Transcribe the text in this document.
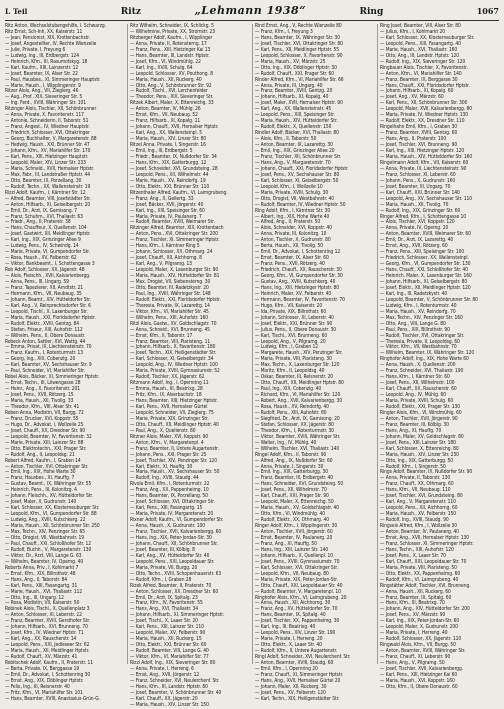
I. Teil	Ritz	„Lehmann 1938“	Ring	1067
Ritz Anton, Wechselstubengehilfe, I. Schwarzg.
Ritz Ernst, Sch-Inh, XX, Kaiserstr. 11
— Jean, Pensionist, XIX, Krottenbachstr.
— Josef, Angestellter, IV, Rechte Wienzeile
— Julie, Private, I, Freyung 6
— Ludwig, Ing., III, Erdbergstr. 124
— Heinrich, Kfm., III, Rasumofskyg. 18
— Karl, Kaufm., XIII, Lainzerstr. 12
— Josef, Beamter, IX, Alser Str. 22
— Paul, Hausbes., XI, Simmeringer Hauptstr.
— Marie, Haush., I, Wipplingerstr. 9
Ritzer Alois, Ang., VII, Zieglerg. 46
— Aug., Prof., XIX, Sieveringer Str. 5
— Ing. Ferd., XVIII, Währinger Str. 101
Ritzinger Alois, Tischler, XII, Schönbrunner
— Anna, Private, X, Favoritenstr. 117
— Antonie, Schneiderin, II, Taborstr. 51
— Franz, Angest., IV, Wiedner Hauptstr.
— Friedrich, Schlosser, XVI, Ottakringer
— Georg, Buchhalter, V, Margaretenstr. 88
— Hedwig, Haush., XXI, Brünner Str. 47
— Johann, Kfm., XV, Mariahilfer Str. 170
— Karl, Pens., XIII, Hietzinger Hauptstr.
— Leopold, Maler, XIV, Linzer Str. 233
— Maria, Schneid., XVII, Hernalser Hptstr.
— Max, Fabr., III, Landstraßer Hptstr. 44
— Otto, Beamter, IX, Porzellang. 30
— Rudolf, Techn., XX, Wallensteinstr. 19
Rizzi Adolf, Kaufm., I, Kärntner Str. 12
— Alfred, Beamter, VIII, Josefstädter Str.
— Anton, Hilfsarb., XI, Geiselbergstr. 20
— Emil, Dr., Arzt, IX, Garnisong. 7
— Franz, Schuhm., XVI, Thaliastr. 63
— Friedr., Ang., II, Praterstr. 38
— Hans, Chauffeur, X, Quellenstr. 104
— Josef, Gastwirt, XII, Meidlinger Hptstr.
— Karl, Ing., XIX, Grinzinger Allee 9
— Ludwig, Pens., IV, Schwindg. 14
— Marie, Private, VI, Gumpendorfer Str.
— Rosa, Haush., XV, Felberstr. 62
— Viktor, Bankbeamt., I, Schottengasse 3
Rob Adolf, Schlosser, XX, Jägerstr. 48
— Alois, Fleischh., XVII, Kalvarienbergg.
— Anna, Pens., III, Ungarg. 59
— Franz, Tapezierer, XII, Arndtstr. 21
— Hermann, Kfm., VII, Neubaug. 35
— Johann, Beamt., XIV, Hütteldorfer Str.
— Karl, Ang., V, Reinprechtsdorfer Str. 6
— Leopold, Tischl., X, Laxenburger Str.
— Maria, Haush., XXI, Floridsdorfer Hptstr.
— Rudolf, Elektr., XVIII, Gentzg. 84
— Stefan, Friseur, XIII, Auhofstr. 112
— Wilhelm, Pens., II, Obere Donaustr.
Robeck Anton, Sattler, XVI, Wattg. 44
— Emma, Privat, IX, Liechtensteinstr. 70
— Franz, Kaufm., I, Rotenturmstr. 13
— Georg, Ing., XIX, Cobenzlg. 20
— Karl, Beamter, XV, Sechshauser Str. 9
— Paul, Schneider, VI, Mariahilfer Str.
Robel Alois, Bäcker, XI, Simmeringer Hptstr.
— Ernst, Techn., III, Löwengasse 28
— Heinr., Ang., X, Favoritenstr. 201
— Josef, Pens., XVII, Rötzerg. 15
— Maria, Haush., XII, Tivolig. 33
— Theodor, Kfm., VIII, Alser Str. 41
Roben Anna, Modistin, VII, Burgg. 72
— Franz, Drucker, XVI, Koppstr. 55
— Hugo, Dr., Advokat, I, Wollzeile 25
— Josef, Chauff., XX, Dresdner Str. 90
— Leopold, Beamter, IV, Favoritenstr. 32
— Marie, Private, XIII, Lainzer Str. 88
— Otto, Elektrotechn., XXI, Prager Str.
— Rudolf, Ang., II, Leopoldsg. 21
Robert Alfred, Kaufm., I, Graben 14
— Anton, Tischler, XVI, Ottakringer Str.
— Emil, Ing., XIX, Hohe Warte 30
— Franz, Hausbes., XI, Hauffg. 7
— Gustav, Beamt., IX, Währinger Str. 55
— Heinrich, Pens., III, Kolonitzg. 4
— Johann, Fleischh., XV, Hütteldorfer Str.
— Josef, Maler, X, Gudrunstr. 140
— Karl, Schlosser, XX, Klosterneuburger Str.
— Leopold, Kfm., VI, Gumpendorfer Str. 88
— Ludwig, Ang., XVIII, Kutschkerg. 22
— Maria, Haush., XII, Schönbrunner Str. 250
— Max, Techn., XIV, Penzinger Str. 65
— Otto, Drogist, VII, Westbahnstr. 19
— Paul, Chauff., XXI, Schloßhofer Str. 12
— Rudolf, Buchh., V, Margaretenstr. 130
— Viktor, Dr., Arzt, VIII, Lange G. 63
— Wilhelm, Beamter, IV, Operng. 40
Roberts Anna, Priv., I, Kohlmarkt 7
— Ernst, Kfm., XIX, Billrothstr. 48
— Hans, Ang., II, Taborstr. 84
— Karl, Pens., XIII, Fasangartg. 31
— Marie, Haush., XVI, Thaliastr. 112
— Otto, Ing., III, Ungarg. 12
— Rosa, Modistin, VII, Kaiserstr. 50
Robinek Alois, Tischl., X, Quellenplatz 3
— Anton, Schlosser, XI, Leberstr. 22
— Franz, Beamter, XVIII, Gersthofer Str.
— Johann, Hilfsarb., XVI, Brunneng. 70
— Josef, Kfm., IV, Wiedner Hptstr. 71
— Karl, Ang., XX, Rauscherstr. 14
— Leopold, Pens., XXI, Jedleseer Str. 62
— Maria, Haush., XII, Meidlinger Hptstr.
— Rudolf, Chauff., XV, Märzstr. 41
Robitschek Adolf, Kaufm., II, Praterstr. 11
— Berta, Private, IX, Berggasse 19
— Emil, Dr., Advokat, I, Schottenring 30
— Ernst, Ang., XIX, Döblinger Hptstr.
— Felix, Ing., III, Reisnerstr. 40
— Fritz, Kfm., VI, Mariahilfer Str. 101
— Hans, Beamter, XVIII, Anastasius-Grün-G.
Ritz Wilhelm, Schneider, IX, Schlickg. 5
— Wilhelmine, Private, XX, Stromstr. 23
Ritzberger Adolf, Kaufm., I, Wipplinger
— Anna, Private, II, Rotensterng. 17
— Franz, Pens., XIII, Hietzinger Kai 13
— Hans, Beamter, III, Landstr. Hptstr.
— Josef, Kfm., VI, Windmühlg. 22
— Karl, Ing., XVIII, Schulg. 64
— Leopold, Schlosser, XV, Pouthong. 8
— Maria, Haush., XII, Ruckerg. 40
— Otto, Ang., V, Schönbrunner Str. 92
— Rudolf, Tischl., XVI, Lerchenfelder
— Theodor, Pens., XIX, Sieveringer Str.
Ritzek Albert, Maler, X, Ettenreichg. 33
— Anton, Beamter, IV, Mühlg. 26
— Ernst, Kfm., VII, Neubaug. 52
— Franz, Hilfsarb., XI, Kopalg. 11
— Johann, Chauff., XVII, Hernalser Hptstr.
— Karl, Ang., XX, Wallensteinpl. 5
— Maria, Haush., XIV, Linzer Str. 80
Ritzel Anna, Private, I, Singerstr. 16
— Emil, Ing., III, Erdbergstr. 5
— Friedr., Beamter, IX, Nußdorfer Str. 34
— Hans, Kfm., XIX, Gatterburgg. 12
— Josef, Schneider, XVI, Grundsteing. 28
— Leopold, Pens., XII, Wilhelmstr. 44
— Marie, Haush., XV, Reindorfg. 19
— Otto, Elektr., XXI, Brünner Str. 110
Ritzenthaler Alfred, Kaufm., VI, Laimgrubeng.
— Franz, Ang., X, Gellertg. 33
— Josef, Bäcker, XVII, Jörgerstr. 40
— Karl, Ing., XIII, Speisinger Str. 60
— Maria, Private, IV, Paulanerg. 7
— Rudolf, Beamter, XVIII, Weimarer Str.
Ritzinger Alfred, Beamter, XIX, Krottenbach
— Anton, Pens., XVI, Ottakringer Str. 200
— Franz, Tischler, XI, Simmeringer Hptstr.
— Hans, Kfm., I, Kärntner Ring 5
— Johann, Schlosser, XX, Othmarg. 24
— Josef, Chauff., XII, Aichhorng. 8
— Karl, Ang., V, Pilgramg. 13
— Leopold, Maler, X, Laxenburger Str. 90
— Maria, Haush., XIV, Hütteldorfer Str. 81
— Max, Drogist, VII, Siebensterng. 30
— Otto, Beamter, III, Radetzkystr. 20
— Paul, Ing., XVIII, Währinger Str. 148
— Rudolf, Elektr., XXI, Floridsdorfer Hptstr.
— Theresia, Private, IX, Lazarettg. 14
— Viktor, Kfm., VI, Mariahilfer Str. 45
— Wilhelm, Pens., XIII, Auhofstr. 160
Ritzl Alois, Gastw., XV, Goldschlagstr. 70
— Anna, Schneid., XVI, Brunneng. 45
— Ernst, Kfm., II, Taborstr. 17
— Franz, Beamter, VIII, Piaristeng. 11
— Johann, Hilfsarb., X, Favoritenstr. 180
— Josef, Techn., XIX, Heiligenstädter Str.
— Karl, Schlosser, XI, Geiselbergstr. 34
— Leopold, Ang., IV, Wiedner Hptstr. 100
— Maria, Private, XVIII, Gymnasiumstr. 52
— Rudolf, Tischler, XX, Jägerstr. 62
Ritzmann Adolf, Ing., I, Opernring 11
— Emma, Haush., III, Beatrixg. 28
— Fritz, Kfm., IX, Alserbachstr. 18
— Hans, Beamter, XIII, Hietzinger Hptstr.
— Karl, Pens., XVII, Hernalser Gürtel
— Leopold, Schneider, VII, Zieglerg. 75
— Marie, Private, XIX, Grinzinger Str.
— Otto, Chauff., XII, Meidlinger Hptstr. 40
— Paul, Ang., X, Quellenstr. 80
Ritzner Alois, Maler, XVI, Koppstr. 90
— Anton, Kfm., V, Margaretenpl. 4
— Franz, Beamter, II, Untere Augartenstr.
— Johann, Pens., XXI, Prager Str. 25
— Josef, Tischler, XIV, Penzinger Str. 120
— Karl, Elektr., XI, Hauffg. 30
— Maria, Haush., XV, Sechshauser Str. 50
— Rudolf, Ing., XVIII, Staudg. 44
Rivola Emil, Kfm., I, Rotenturmstr. 22
— Franz, Ang., XX, Pappenheimg. 10
— Hans, Beamter, IX, Porzellang. 50
— Josef, Schlosser, XVI, Ottakringer Str.
— Karl, Pens., XIII, Fasangartg. 15
— Maria, Private, IV, Margaretenstr. 20
Rixner Adolf, Kaufm., VI, Gumpendorfer Str.
— Anna, Haush., X, Gudrunstr. 100
— Franz, Tischler, XVII, Kalvarienbergg. 60
— Hans, Ing., XIX, Peter-Jordan-Str. 30
— Johann, Chauff., XII, Schönbrunner Str.
— Josef, Beamter, III, Kölblg. 8
— Karl, Ang., XV, Hütteldorfer Str. 40
— Leopold, Pens., XXI, Leopoldauer Str.
— Maria, Private, VII, Burgg. 20
— Otto, Techn., XVIII, Schopenhauerstr. 63
— Rudolf, Kfm., I, Graben 28
Rizek Alfred, Beamter, II, Praterstr. 70
— Anton, Schlosser, XX, Dresdner Str. 60
— Emil, Dr., Arzt, IX, Spitalg. 23
— Franz, Kfm., IV, Favoritenstr. 55
— Hans, Ang., XVI, Thaliastr. 34
— Johann, Hilfsarb., XI, Simmeringer Hptstr.
— Josef, Tischl., X, Laaer Str. 20
— Karl, Pens., XIII, Lainzer Str. 110
— Leopold, Maler, XV, Felberstr. 90
— Maria, Haush., XII, Ruckerg. 15
— Otto, Elektr., XXI, Brünner Str. 60
— Rudolf, Beamter, VIII, Lange G. 40
— Viktor, Kfm., VI, Mariahilfer Str. 77
Rizzi Adolf, Ing., XIX, Sieveringer Str. 80
— Anna, Private, I, Herreng. 6
— Ernst, Ang., XVII, Jörgerstr. 12
— Franz, Schneider, XVI, Neulerchenf. Str.
— Hans, Kfm., III, Landstr. Hptstr. 80
— Josef, Beamter, V, Schönbrunner Str. 40
— Karl, Chauff., XX, Jägerstr. 20
— Maria, Haush., XIV, Linzer Str. 150
Rind Ernst, Ang., V, Rechte Wienzeile 80
— Franz, Kfm., I, Freyung 3
— Hans, Beamter, IX, Währinger Str. 30
— Josef, Tischler, XVI, Ottakringer Str. 80
— Karl, Pens., XII, Meidlinger Hptstr. 55
— Leopold, Schlosser, X, Favoritenstr. 90
— Maria, Haush., XV, Märzstr. 25
— Otto, Ing., XIX, Döblinger Hptstr. 30
— Rudolf, Chauff., XXI, Prager Str. 60
Rinder Alfred, Kfm., VI, Mariahilfer Str. 66
— Anna, Private, III, Ungarg. 40
— Franz, Beamter, XVIII, Gentzg. 20
— Johann, Hilfsarb., XI, Kopalg. 40
— Josef, Maler, XVII, Hernalser Hptstr. 90
— Karl, Ang., XX, Wallensteinstr. 45
— Leopold, Pens., XIII, Speisinger Str.
— Maria, Haush., XIV, Hütteldorfer Str.
— Rudolf, Elektr., X, Quellenstr. 150
Rindler Adolf, Bäcker, XVI, Thaliastr. 80
— Alois, Kfm., II, Taborstr. 50
— Anton, Beamter, IX, Lazarettg. 30
— Emil, Ing., XIX, Grinzinger Allee 20
— Franz, Tischler, XII, Schönbrunner Str.
— Hans, Ang., V, Margaretenstr. 70
— Johann, Chauff., XXI, Floridsdorfer Hptstr.
— Josef, Pens., XV, Sechshauser Str. 80
— Karl, Schlosser, XI, Geiselbergstr. 50
— Leopold, Kfm., I, Wollzeile 10
— Maria, Private, XVIII, Schulg. 30
— Otto, Drogist, VII, Westbahnstr. 40
— Rudolf, Beamter, IV, Wiedner Hptstr. 50
Ring Adolf, Kfm., I, Kärntner Str. 30
— Albert, Ing., XIX, Hohe Warte 40
— Alfred, Ang., II, Praterstr. 50
— Alois, Schneider, XVI, Koppstr. 40
— Anna, Private, III, Kolonitzg. 10
— Anton, Tischler, X, Gudrunstr. 80
— Berta, Haush., XII, Tivolig. 50
— Emil, Dr., Advokat, I, Schottenring 12
— Ernst, Beamter, IX, Alser Str. 60
— Franz, Pens., XVII, Rötzerg. 40
— Friedrich, Chauff., XX, Rauscherstr. 30
— Georg, Kfm., VI, Gumpendorfer Str. 30
— Gustav, Ang., XVIII, Kutschkerg. 40
— Hans, Ing., XIII, Hietzinger Hptstr. 80
— Heinrich, Maler, XV, Felberstr. 40
— Hermann, Beamter, IV, Favoritenstr. 70
— Hugo, Kfm., VII, Kaiserstr. 20
— Ida, Private, XIX, Billrothstr. 60
— Johann, Schlosser, XI, Leberstr. 40
— Josef, Elektr., XXI, Brünner Str. 90
— Julius, Pens., II, Obere Donaustr. 30
— Karl, Tischl., XVI, Brunneng. 60
— Leopold, Ang., V, Pilgramg. 20
— Ludwig, Kfm., I, Graben 12
— Margarete, Haush., XIV, Penzinger Str.
— Maria, Private, VIII, Piaristeng. 30
— Max, Techn., X, Laxenburger Str. 120
— Moritz, Kfm., II, Leopoldsg. 40
— Oskar, Beamter, III, Reisnerstr. 20
— Otto, Chauff., XII, Meidlinger Hptstr. 80
— Paul, Ing., XIX, Cobenzlg. 40
— Richard, Kfm., VI, Mariahilfer Str. 120
— Robert, Ang., XVII, Kalvarienbergg. 30
— Rosa, Haush., XV, Reindorfg. 40
— Rudolf, Pens., XIII, Auhofstr. 80
— Siegfried, Dr., Arzt, IX, Garnisong. 20
— Stefan, Schlosser, XX, Jägerstr. 80
— Theodor, Kfm., I, Rotenturmstr. 30
— Viktor, Beamter, XVIII, Währinger Str.
— Walter, Ing., IV, Mühlg. 40
— Wilhelm, Tischler, XVI, Thaliastr. 140
Ringel Adolf, Kfm., II, Taborstr. 90
— Alfred, Ang., IX, Nußdorfer Str. 60
— Anna, Private, I, Singerstr. 30
— Emil, Ing., XIX, Gatterburgg. 30
— Franz, Beamter, III, Erdbergstr. 40
— Hans, Schneider, XVI, Grundsteing. 50
— Josef, Pens., XII, Wilhelmstr. 70
— Karl, Chauff., XXI, Prager Str. 90
— Leopold, Maler, X, Ettenreichg. 50
— Maria, Haush., XV, Goldschlagstr. 40
— Otto, Kfm., VI, Windmühlg. 40
— Rudolf, Elektr., XX, Othmarg. 40
Ringer Adolf, Kfm., I, Wipplingerstr. 30
— Anton, Tischler, XVII, Jörgerstr. 60
— Ernst, Beamter, IV, Paulanerg. 20
— Franz, Ang., XI, Hauffg. 50
— Hans, Ing., XIII, Lainzer Str. 140
— Johann, Hilfsarb., X, Quellenpl. 10
— Josef, Pens., XVIII, Gymnasiumstr. 70
— Karl, Schlosser, XVI, Ottakringer Str.
— Leopold, Kfm., VII, Neubaug. 80
— Maria, Private, XIX, Peter-Jordan-Str.
— Otto, Chauff., XXI, Leopoldauer Str. 40
— Rudolf, Beamter, V, Margaretenpl. 10
Ringhofer Alois, Kfm., VI, Laimgrubeng. 20
— Anna, Haush., XII, Aichhorng. 30
— Franz, Ang., XV, Hütteldorfer Str. 70
— Hans, Beamter, IX, Spitalg. 40
— Josef, Tischler, XX, Pappenheimg. 30
— Karl, Ing., III, Beatrixg. 40
— Leopold, Pens., XIV, Linzer Str. 190
— Maria, Private, I, Herreng. 20
— Otto, Elektr., X, Laaer Str. 40
— Rudolf, Kfm., II, Untere Augartenstr.
Ringl Adolf, Schneider, XVI, Neulerchenf. Str.
— Anton, Beamter, XVIII, Staudg. 60
— Emil, Kfm., I, Opernring 20
— Franz, Chauff., XI, Simmeringer Hptstr.
— Hans, Ang., XVII, Hernalser Gürtel 20
— Johann, Maler, XII, Ruckerg. 30
— Josef, Pens., XV, Felberstr. 120
— Karl, Techn., XIX, Heiligenstädter Str.
Ring Josef, Beamter, VIII, Alser Str. 80
— Julius, Kfm., I, Kohlmarkt 20
— Karl, Schlosser, XX, Klosterneuburger Str.
— Leopold, Pens., XIII, Fasangartg. 40
— Marie, Haush., XVI, Thaliastr. 160
— Otto, Ang., III, Landstr. Hptstr. 120
— Rudolf, Ing., XIX, Sieveringer Str. 120
Ringbauer Alois, Tischler, X, Favoritenstr.
— Anton, Kfm., VI, Mariahilfer Str. 140
— Franz, Beamter, IX, Berggasse 30
— Hans, Chauff., XXI, Floridsdorfer Hptstr.
— Johann, Hilfsarb., XI, Kopalg. 60
— Josef, Ang., XV, Märzstr. 60
— Karl, Pens., XII, Schönbrunner Str. 300
— Leopold, Maler, XVII, Kalvarienbergg. 80
— Maria, Private, IV, Wiedner Hptstr. 130
— Rudolf, Elektr., XX, Dresdner Str. 110
Ringelhahn Emil, Kfm., I, Graben 30
— Franz, Beamter, XVIII, Gentzg. 60
— Hans, Ang., II, Praterstr. 100
— Josef, Tischler, XVI, Brunneng. 90
— Karl, Ing., XIII, Hietzinger Hptstr. 120
— Maria, Haush., XIV, Hütteldorfer Str. 160
Ringelmann Adolf, Kfm., VII, Kaiserstr. 60
— Anna, Private, IX, Liechtensteinstr. 90
— Franz, Schlosser, XI, Leberstr. 60
— Johann, Pens., X, Gudrunstr. 160
— Josef, Beamter, III, Ungarg. 70
— Karl, Chauff., XXI, Brünner Str. 140
— Leopold, Ang., XV, Sechshauser Str. 110
— Maria, Haush., XII, Tivolig. 70
— Rudolf, Ing., XIX, Grinzinger Str. 60
Ringer Alfred, Kfm., I, Schottengasse 10
— Alois, Tischler, XVI, Koppstr. 120
— Anna, Private, IV, Operng. 20
— Anton, Beamter, XVIII, Weimarer Str. 60
— Emil, Dr., Arzt, IX, Lazarettg. 40
— Ernst, Ang., XVII, Rötzerg. 60
— Franz, Pens., XIII, Speisinger Str. 100
— Friedrich, Schlosser, XX, Wallensteinpl.
— Georg, Kfm., VI, Gumpendorfer Str. 130
— Hans, Chauff., XXI, Schloßhofer Str. 40
— Heinrich, Maler, X, Laxenburger Str. 160
— Johann, Hilfsarb., XI, Geiselbergstr. 80
— Josef, Elektr., XII, Meidlinger Hptstr. 120
— Karl, Ing., III, Radetzkystr. 40
— Leopold, Beamter, V, Schönbrunner Str. 80
— Ludwig, Kfm., I, Rotenturmstr. 40
— Maria, Haush., XV, Reindorfg. 70
— Max, Techn., XIV, Penzinger Str. 160
— Otto, Ang., VIII, Lange G. 80
— Paul, Pens., XIX, Billrothstr. 90
— Rudolf, Tischler, XVI, Ottakringer Str.
— Theresia, Private, II, Leopoldsg. 60
— Viktor, Kfm., VII, Westbahnstr. 70
— Wilhelm, Beamter, IX, Währinger Str. 120
Ringhofer Adolf, Ing., XIX, Hohe Warte 60
— Anna, Haush., X, Quellenstr. 200
— Franz, Schneider, XVI, Thaliastr. 190
— Hans, Kfm., I, Kärntner Str. 60
— Josef, Pens., XII, Wilhelmstr. 100
— Karl, Chauff., XX, Rauscherstr. 60
— Leopold, Ang., IV, Mühlg. 60
— Maria, Private, XVIII, Schulg. 60
— Rudolf, Elektr., XXI, Prager Str. 130
Ringler Alois, Kfm., VI, Windmühlg. 60
— Anton, Tischler, XVII, Jörgerstr. 90
— Franz, Beamter, III, Kölblg. 30
— Hans, Ang., XI, Hauffg. 70
— Johann, Maler, XV, Goldschlagstr. 80
— Josef, Pens., XIII, Lainzer Str. 180
— Karl, Schlosser, X, Ettenreichg. 80
— Maria, Haush., XIV, Linzer Str. 230
— Otto, Ing., XIX, Gatterburgg. 50
— Rudolf, Kfm., I, Singerstr. 50
Rings Adolf, Beamter, IX, Nußdorfer Str. 90
— Anna, Private, II, Taborstr. 130
— Franz, Chauff., XX, Othmarg. 60
— Hans, Kfm., VII, Neubaug. 110
— Josef, Tischler, XVI, Grundsteing. 80
— Karl, Ang., V, Margaretenstr. 110
— Leopold, Pens., XII, Aichhorng. 60
— Maria, Haush., XV, Felberstr. 150
— Rudolf, Ing., XVIII, Staudg. 90
Ringseis Alfred, Kfm., I, Wollzeile 30
— Anton, Beamter, IV, Paulanerg. 40
— Ernst, Ang., XVII, Hernalser Hptstr. 130
— Franz, Schlosser, XI, Simmeringer Hptstr.
— Hans, Techn., XIII, Auhofstr. 120
— Josef, Pens., X, Laaer Str. 70
— Karl, Chauff., XXI, Leopoldauer Str. 70
— Maria, Private, VIII, Piaristeng. 50
— Otto, Elektr., XX, Pappenheimg. 60
— Rudolf, Kfm., VI, Laimgrubeng. 40
Ringstätter Adolf, Tischler, XVI, Brunneng.
— Anna, Haush., XII, Ruckerg. 60
— Franz, Beamter, IX, Spitalg. 60
— Hans, Kfm., III, Beatrixg. 70
— Johann, Ang., XIV, Hütteldorfer Str. 200
— Josef, Pens., XV, Märzstr. 90
— Karl, Ing., XIX, Peter-Jordan-Str. 60
— Leopold, Maler, X, Gudrunstr. 200
— Maria, Private, I, Herreng. 40
— Rudolf, Schlosser, XX, Jägerstr. 110
Ringwald Alois, Kfm., VII, Burgg. 50
— Anton, Beamter, XVIII, Währinger Str.
— Franz, Chauff., XI, Leberstr. 90
— Hans, Ang., V, Pilgramg. 50
— Josef, Tischler, XVII, Kalvarienbergg.
— Karl, Pens., XIII, Hietzinger Kai 60
— Maria, Haush., XVI, Koppstr. 160
— Otto, Kfm., II, Obere Donaustr. 60
